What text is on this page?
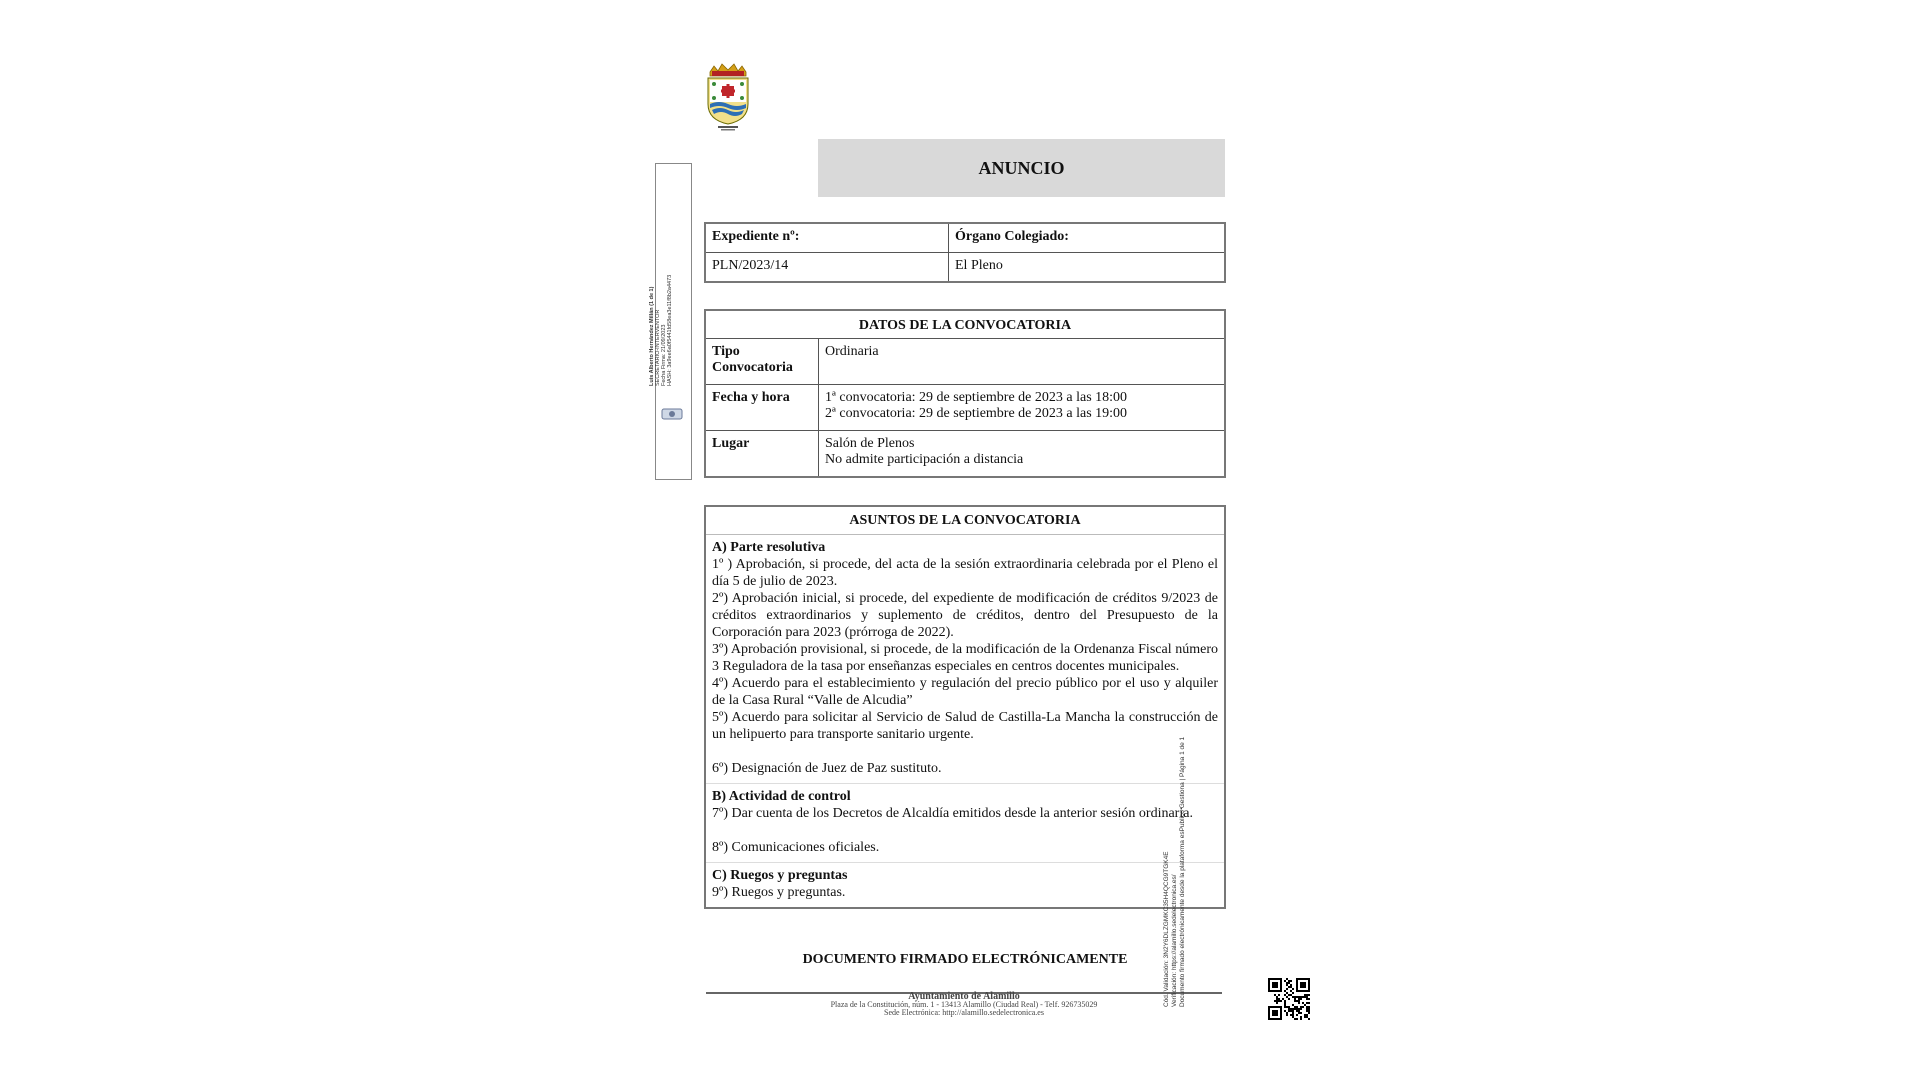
ANUNCIO
Expediente nº:	Órgano Colegiado:
PLN/2023/14	El Pleno
DATOS DE LA CONVOCATORIA	
Tipo Convocatoria	Ordinaria

Fecha y hora	1ª convocatoria: 29 de septiembre de 2023 a las 18:00
2ª convocatoria: 29 de septiembre de 2023 a las 19:00

Lugar	Salón de Plenos
No admite participación a distancia
ASUNTOS DE LA CONVOCATORIA

A) Parte resolutiva

1º ) Aprobación, si procede, del acta de la sesión extraordinaria celebrada por el Pleno el día 5 de julio de 2023.

2º) Aprobación inicial, si procede, del expediente de modificación de créditos 9/2023 de créditos extraordinarios y suplemento de créditos, dentro del Presupuesto de la Corporación para 2023 (prórroga de 2022).

3º) Aprobación provisional, si procede, de la modificación de la Ordenanza Fiscal número 3 Reguladora de la tasa por enseñanzas especiales en centros docentes municipales.

4º) Acuerdo para el establecimiento y regulación del precio público por el uso y alquiler de la Casa Rural “Valle de Alcudia”

5º) Acuerdo para solicitar al Servicio de Salud de Castilla-La Mancha la construcción de un helipuerto para transporte sanitario urgente.

6º) Designación de Juez de Paz sustituto.

B) Actividad de control

7º) Dar cuenta de los Decretos de Alcaldía emitidos desde la anterior sesión ordinaria.

8º) Comunicaciones oficiales.

C) Ruegos y preguntas

9º) Ruegos y preguntas.

DOCUMENTO FIRMADO ELECTRÓNICAMENTE
Ayuntamiento de Alamillo
Plaza de la Constitución, núm. 1 - 13413 Alamillo (Ciudad Real) - Telf. 926735029
Sede Electrónica: http://alamillo.sedelectronica.es
Luis Alberto Hernández Millán (1 de 1) SECRETARIO-INTERVENTOR Fecha Firma: 21/09/2023 HASH: 3a9ee6a0f5441fd58ea3e11f8b2a4473
Cód. Validación: 3N2Y6DLZGMKC35H4QCG9TGK4E Verificación: https://alamillo.sedelectronica.es/ Documento firmado electrónicamente desde la plataforma esPublico Gestiona | Página 1 de 1
